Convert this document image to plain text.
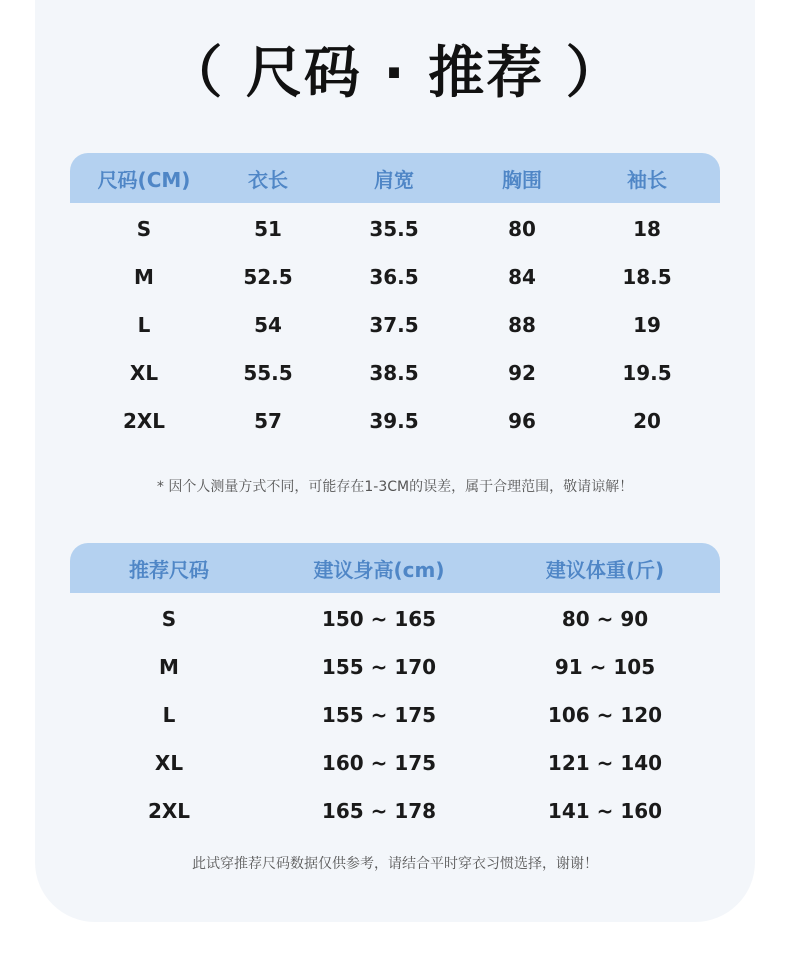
（ 尺码 · 推荐 ）
尺码(CM)	衣长	肩宽	胸围	袖长
S	51	35.5	80	18
M	52.5	36.5	84	18.5
L	54	37.5	88	19
XL	55.5	38.5	92	19.5
2XL	57	39.5	96	20
* 因个人测量方式不同，可能存在1-3CM的误差，属于合理范围，敬请谅解！
推荐尺码	建议身高(cm)	建议体重(斤)
S	150 ~ 165	80 ~ 90
M	155 ~ 170	91 ~ 105
L	155 ~ 175	106 ~ 120
XL	160 ~ 175	121 ~ 140
2XL	165 ~ 178	141 ~ 160
此试穿推荐尺码数据仅供参考，请结合平时穿衣习惯选择，谢谢！
